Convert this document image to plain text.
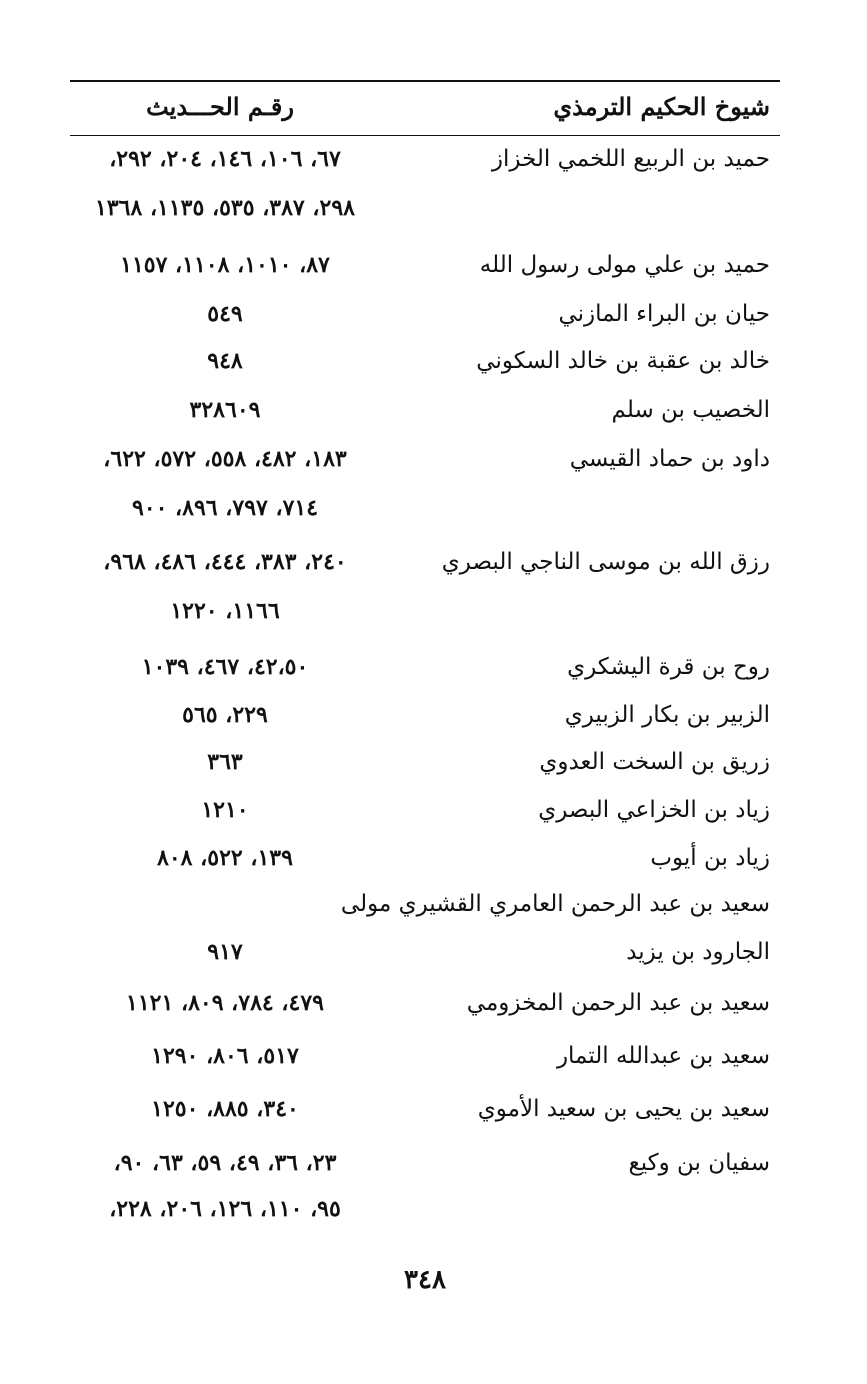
شيوخ الحكيم الترمذي
رقـم الحـــديث
حميد بن الربيع اللخمي الخزاز
٦٧، ١٠٦، ١٤٦، ٢٠٤، ٢٩٢،
٢٩٨، ٣٨٧، ٥٣٥، ١١٣٥، ١٣٦٨
حميد بن علي مولى رسول الله
٨٧، ١٠١٠، ١١٠٨، ١١٥٧
حيان بن البراء المازني
٥٤٩
خالد بن عقبة بن خالد السكوني
٩٤٨
الخصيب بن سلم
٣٢٨٦٠٩
داود بن حماد القيسي
١٨٣، ٤٨٢، ٥٥٨، ٥٧٢، ٦٢٢،
٧١٤، ٧٩٧، ٨٩٦، ٩٠٠
رزق الله بن موسى الناجي البصري
٢٤٠، ٣٨٣، ٤٤٤، ٤٨٦، ٩٦٨،
١١٦٦، ١٢٢٠
روح بن قرة اليشكري
٤٢،٥٠، ٤٦٧، ١٠٣٩
الزبير بن بكار الزبيري
٢٢٩، ٥٦٥
زريق بن السخت العدوي
٣٦٣
زياد بن الخزاعي البصري
١٢١٠
زياد بن أيوب
١٣٩، ٥٢٢، ٨٠٨
سعيد بن عبد الرحمن العامري القشيري مولى
الجارود بن يزيد
٩١٧
سعيد بن عبد الرحمن المخزومي
٤٧٩، ٧٨٤، ٨٠٩، ١١٢١
سعيد بن عبدالله التمار
٥١٧، ٨٠٦، ١٢٩٠
سعيد بن يحيى بن سعيد الأموي
٣٤٠، ٨٨٥، ١٢٥٠
سفيان بن وكيع
٢٣، ٣٦، ٤٩، ٥٩، ٦٣، ٩٠،
٩٥، ١١٠، ١٢٦، ٢٠٦، ٢٢٨،
٣٤٨
